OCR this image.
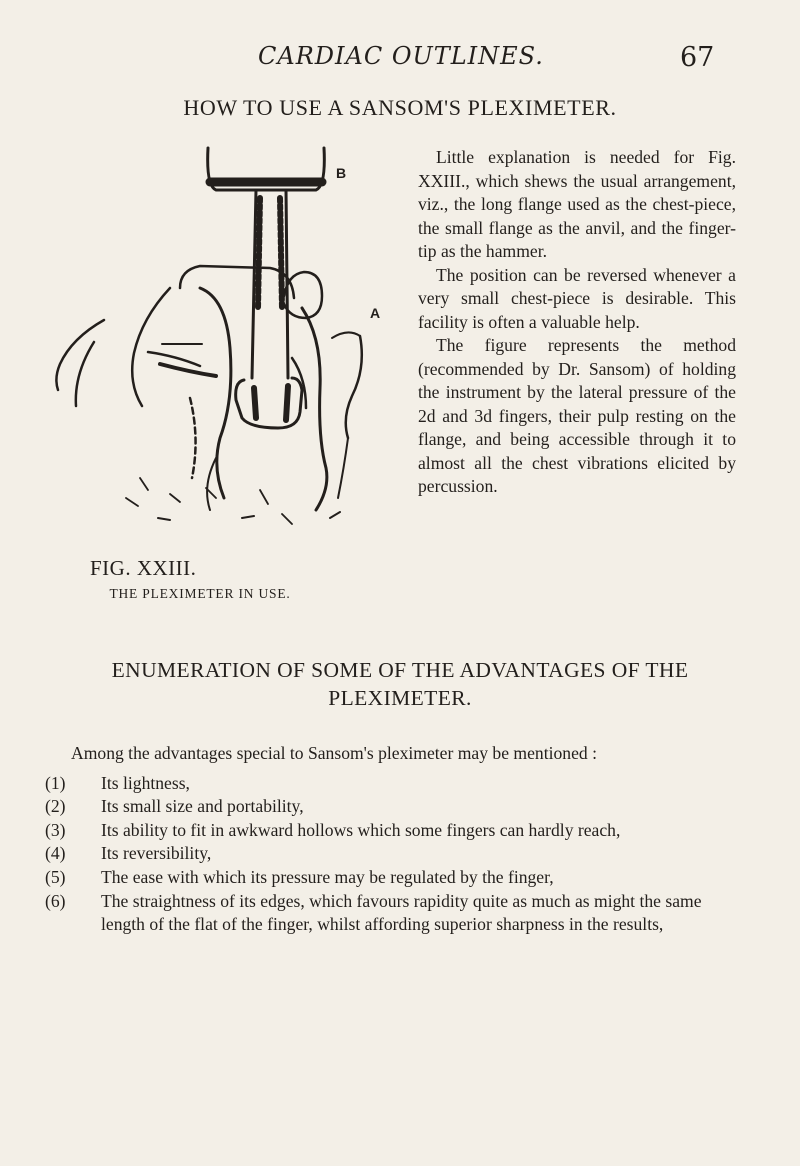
CARDIAC OUTLINES.	67
HOW TO USE A SANSOM'S PLEXIMETER.
B
A
FIG. XXIII.
THE PLEXIMETER IN USE.

Little explanation is needed for Fig. XXIII., which shews the usual arrangement, viz., the long flange used as the chest-piece, the small flange as the anvil, and the finger-tip as the hammer.

The position can be reversed whenever a very small chest-piece is desirable. This facility is often a valuable help.

The figure represents the method (recommended by Dr. Sansom) of holding the instrument by the lateral pressure of the 2d and 3d fingers, their pulp resting on the flange, and being accessible through it to almost all the chest vibrations elicited by percussion.

ENUMERATION OF SOME OF THE ADVANTAGES OF THE
PLEXIMETER.

Among the advantages special to Sansom's pleximeter may be mentioned :

(1)	Its lightness,
(2)	Its small size and portability,
(3)	Its ability to fit in awkward hollows which some fingers can hardly reach,
(4)	Its reversibility,
(5)	The ease with which its pressure may be regulated by the finger,
(6)	The straightness of its edges, which favours rapidity quite as much as might the same length of the flat of the finger, whilst affording superior sharpness in the results,
